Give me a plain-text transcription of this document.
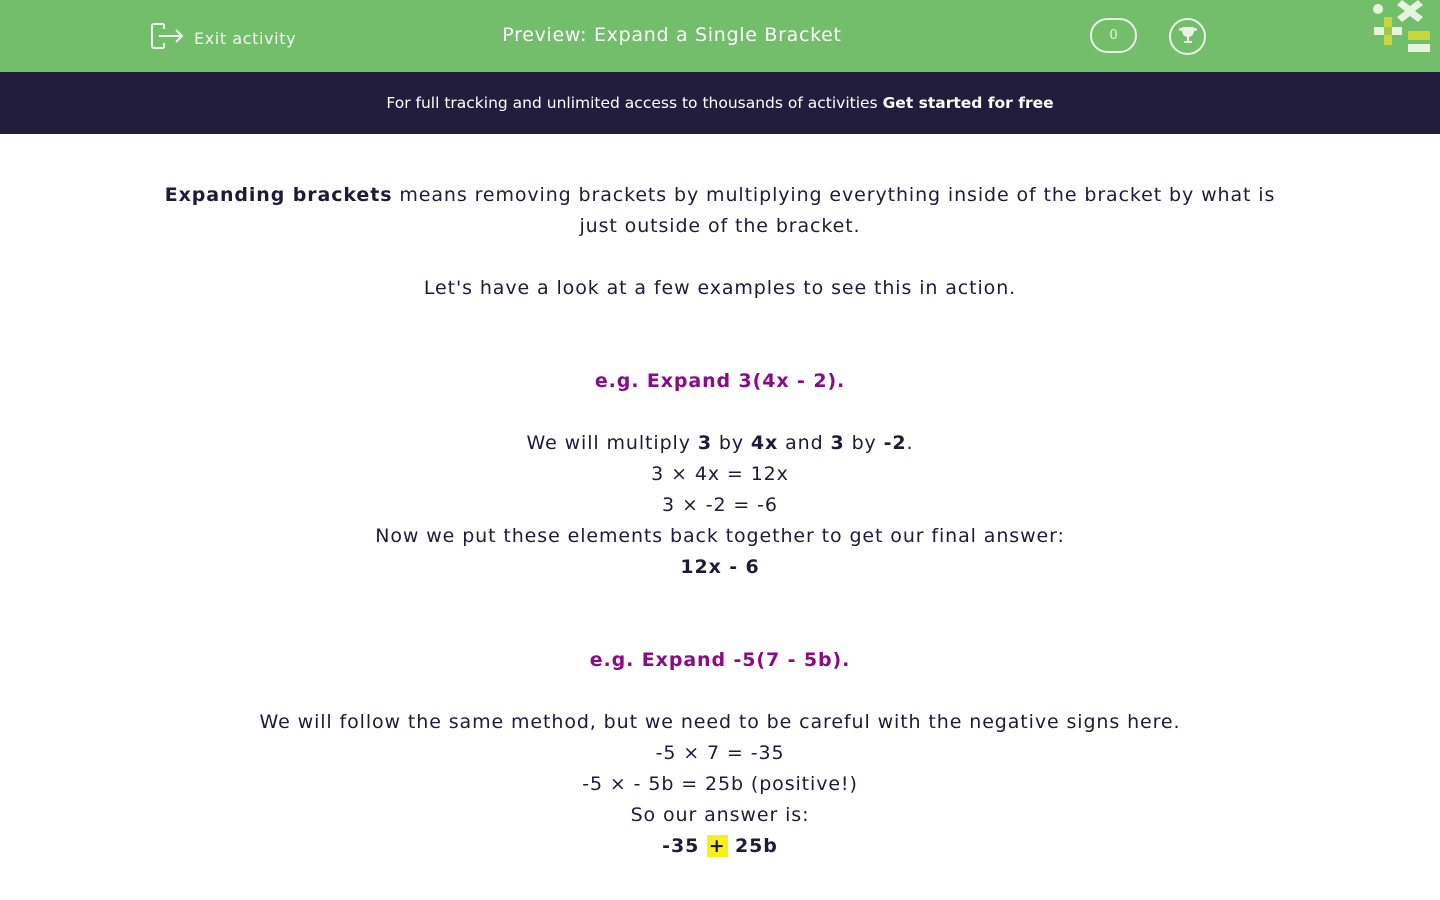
Exit activity	Preview: Expand a Single Bracket	0
For full tracking and unlimited access to thousands of activities Get started for free

Expanding brackets means removing brackets by multiplying everything inside of the bracket by what is just outside of the bracket.

Let's have a look at a few examples to see this in action.

e.g. Expand 3(4x - 2).

We will multiply 3 by 4x and 3 by -2.

3 × 4x = 12x

3 × -2 = -6

Now we put these elements back together to get our final answer:

12x - 6

e.g. Expand -5(7 - 5b).

We will follow the same method, but we need to be careful with the negative signs here.

-5 × 7 = -35

-5 × - 5b = 25b (positive!)

So our answer is:

-35 + 25b
